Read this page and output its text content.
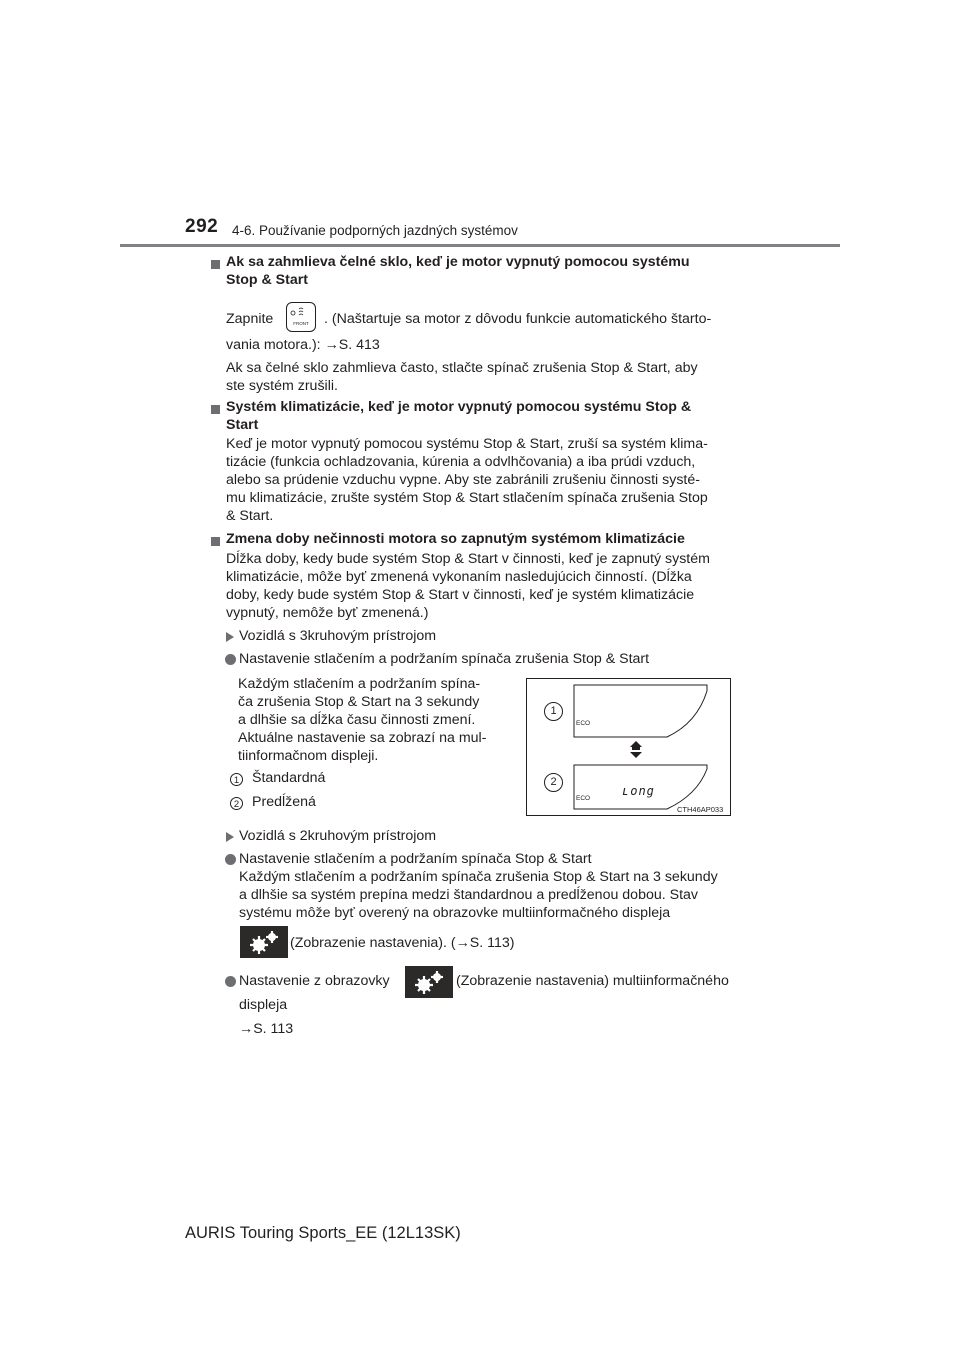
292 4-6. Používanie podporných jazdných systémov
Ak sa zahmlieva čelné sklo, keď je motor vypnutý pomocou systému
Stop & Start
Zapnite	FRONT . (Naštartuje sa motor z dôvodu funkcie automatického štarto-
vania motora.): →S. 413
Ak sa čelné sklo zahmlieva často, stlačte spínač zrušenia Stop & Start, aby
ste systém zrušili.
Systém klimatizácie, keď je motor vypnutý pomocou systému Stop &
Start
Keď je motor vypnutý pomocou systému Stop & Start, zruší sa systém klima-
tizácie (funkcia ochladzovania, kúrenia a odvlhčovania) a iba prúdi vzduch,
alebo sa prúdenie vzduchu vypne. Aby ste zabránili zrušeniu činnosti systé-
mu klimatizácie, zrušte systém Stop & Start stlačením spínača zrušenia Stop
& Start.
Zmena doby nečinnosti motora so zapnutým systémom klimatizácie
Dĺžka doby, kedy bude systém Stop & Start v činnosti, keď je zapnutý systém
klimatizácie, môže byť zmenená vykonaním nasledujúcich činností. (Dĺžka
doby, kedy bude systém Stop & Start v činnosti, keď je systém klimatizácie
vypnutý, nemôže byť zmenená.)
Vozidlá s 3kruhovým prístrojom
Nastavenie stlačením a podržaním spínača zrušenia Stop & Start
Každým stlačením a podržaním spína-
ča zrušenia Stop & Start na 3 sekundy
a dlhšie sa dĺžka času činnosti zmení.
Aktuálne nastavenie sa zobrazí na mul-
tiinformačnom displeji.
1 Štandardná
2 Predĺžená
ʟong
1
2
ECO
ECO
CTH46AP033
Vozidlá s 2kruhovým prístrojom
Nastavenie stlačením a podržaním spínača Stop & Start
Každým stlačením a podržaním spínača zrušenia Stop & Start na 3 sekundy
a dlhšie sa systém prepína medzi štandardnou a predĺženou dobou. Stav
systému môže byť overený na obrazovke multiinformačného displeja
(Zobrazenie nastavenia). (→S. 113)
Nastavenie z obrazovky	(Zobrazenie nastavenia) multiinformačného
displeja
→S. 113
AURIS Touring Sports_EE (12L13SK)
